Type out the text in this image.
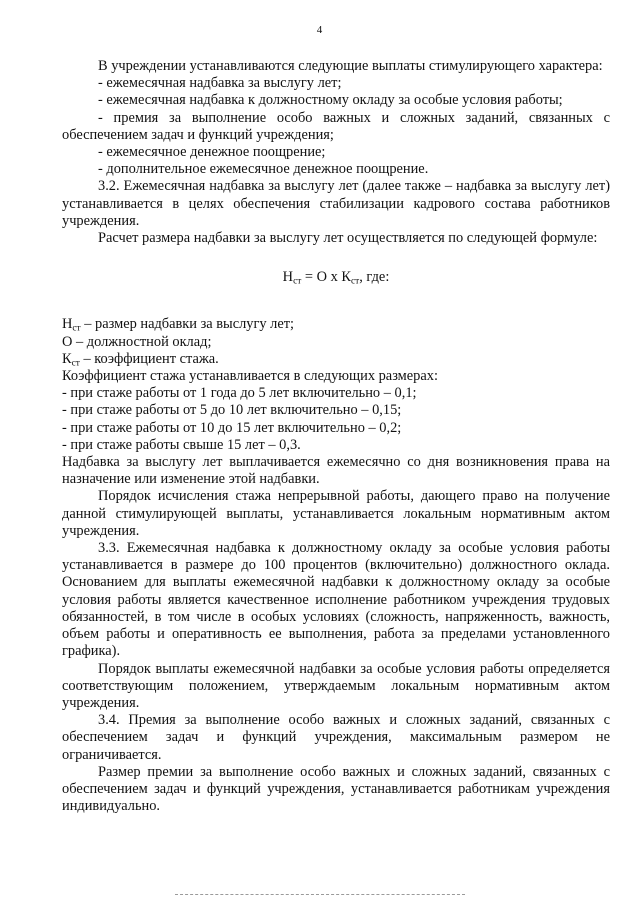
4

В учреждении устанавливаются следующие выплаты стимулирующего характера:

- ежемесячная надбавка за выслугу лет;

- ежемесячная надбавка к должностному окладу за особые условия работы;

- премия за выполнение особо важных и сложных заданий, связанных с обеспечением задач и функций учреждения;

- ежемесячное денежное поощрение;

- дополнительное ежемесячное денежное поощрение.

3.2. Ежемесячная надбавка за выслугу лет (далее также – надбавка за выслугу лет) устанавливается в целях обеспечения стабилизации кадрового состава работников учреждения.

Расчет размера надбавки за выслугу лет осуществляется по следующей формуле:

$Н_{ст} = О$ х $К_{ст}$, где:

$Н_{ст}$ – размер надбавки за выслугу лет;

О – должностной оклад;

$К_{ст}$ – коэффициент стажа.

Коэффициент стажа устанавливается в следующих размерах:

- при стаже работы от 1 года до 5 лет включительно – 0,1;

- при стаже работы от 5 до 10 лет включительно – 0,15;

- при стаже работы от 10 до 15 лет включительно – 0,2;

- при стаже работы свыше 15 лет – 0,3.

Надбавка за выслугу лет выплачивается ежемесячно со дня возникновения права на назначение или изменение этой надбавки.

Порядок исчисления стажа непрерывной работы, дающего право на получение данной стимулирующей выплаты, устанавливается локальным нормативным актом учреждения.

3.3. Ежемесячная надбавка к должностному окладу за особые условия работы устанавливается в размере до 100 процентов (включительно) должностного оклада. Основанием для выплаты ежемесячной надбавки к должностному окладу за особые условия работы является качественное исполнение работником учреждения трудовых обязанностей, в том числе в особых условиях (сложность, напряженность, важность, объем работы и оперативность ее выполнения, работа за пределами установленного графика).

Порядок выплаты ежемесячной надбавки за особые условия работы определяется соответствующим положением, утверждаемым локальным нормативным актом учреждения.

3.4. Премия за выполнение особо важных и сложных заданий, связанных с обеспечением задач и функций учреждения, максимальным размером не ограничивается.

Размер премии за выполнение особо важных и сложных заданий, связанных с обеспечением задач и функций учреждения, устанавливается работникам учреждения индивидуально.
